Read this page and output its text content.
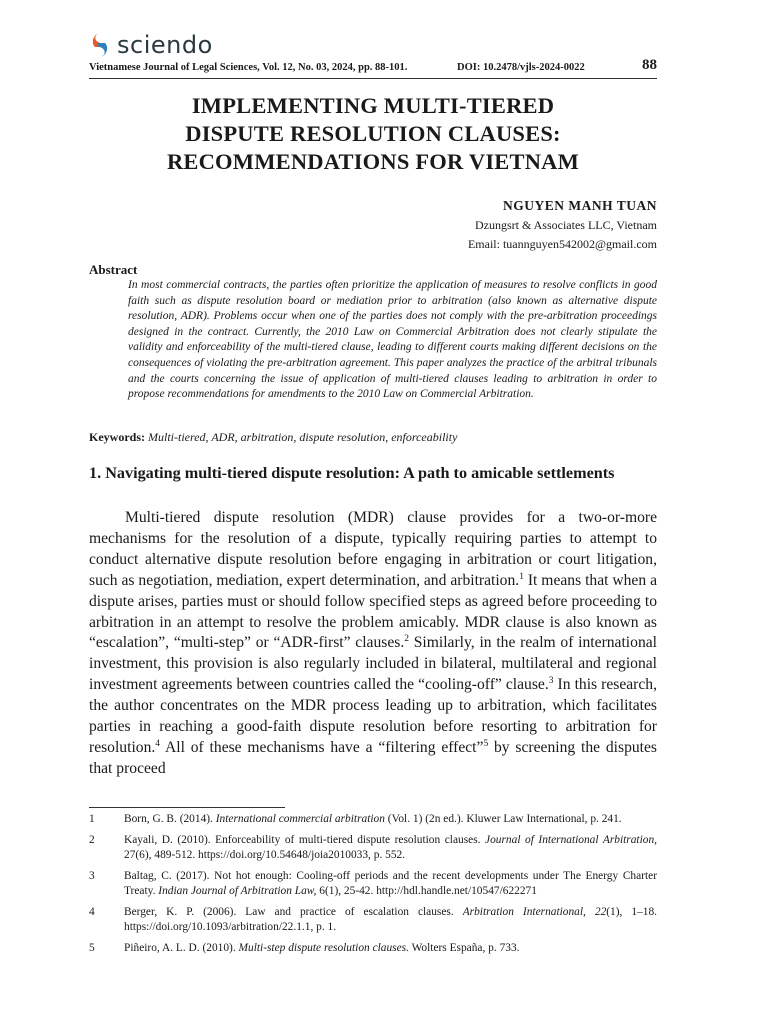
sciendo
Vietnamese Journal of Legal Sciences, Vol. 12, No. 03, 2024, pp. 88-101.	DOI: 10.2478/vjls-2024-0022	88
IMPLEMENTING MULTI-TIERED
DISPUTE RESOLUTION CLAUSES:
RECOMMENDATIONS FOR VIETNAM
NGUYEN MANH TUAN
Dzungsrt & Associates LLC, Vietnam
Email: tuannguyen542002@gmail.com
Abstract
In most commercial contracts, the parties often prioritize the application of measures to resolve conflicts in good faith such as dispute resolution board or mediation prior to arbitration (also known as alternative dispute resolution, ADR). Problems occur when one of the parties does not comply with the pre-arbitration proceedings designed in the contract. Currently, the 2010 Law on Commercial Arbitration does not clearly stipulate the validity and enforceability of the multi-tiered clause, leading to different courts making different decisions on the consequences of violating the pre-arbitration agreement. This paper analyzes the practice of the arbitral tribunals and the courts concerning the issue of application of multi-tiered clauses leading to arbitration in order to propose recommendations for amendments to the 2010 Law on Commercial Arbitration.
Keywords: Multi-tiered, ADR, arbitration, dispute resolution, enforceability
1. Navigating multi-tiered dispute resolution: A path to amicable settlements
Multi-tiered dispute resolution (MDR) clause provides for a two-or-more mechanisms for the resolution of a dispute, typically requiring parties to attempt to conduct alternative dispute resolution before engaging in arbitration or court litigation, such as negotiation, mediation, expert determination, and arbitration.$^1$ It means that when a dispute arises, parties must or should follow specified steps as agreed before proceeding to arbitration in an attempt to resolve the problem amicably. MDR clause is also known as “escalation”, “multi-step” or “ADR-first” clauses.$^2$ Similarly, in the realm of international investment, this provision is also regularly included in bilateral, multilateral and regional investment agreements between countries called the “cooling-off” clause.$^3$ In this research, the author concentrates on the MDR process leading up to arbitration, which facilitates parties in reaching a good-faith dispute resolution before resorting to arbitration for resolution.$^4$ All of these mechanisms have a “filtering effect”$^5$ by screening the disputes that proceed
1	Born, G. B. (2014). International commercial arbitration (Vol. 1) (2n ed.). Kluwer Law International, p. 241.
2	Kayali, D. (2010). Enforceability of multi-tiered dispute resolution clauses. Journal of International Arbitration, 27(6), 489-512. https://doi.org/10.54648/joia2010033, p. 552.
3	Baltag, C. (2017). Not hot enough: Cooling-off periods and the recent developments under The Energy Charter Treaty. Indian Journal of Arbitration Law, 6(1), 25-42. http://hdl.handle.net/10547/622271
4	Berger, K. P. (2006). Law and practice of escalation clauses. Arbitration International, 22(1), 1–18. https://doi.org/10.1093/arbitration/22.1.1, p. 1.
5	Piñeiro, A. L. D. (2010). Multi-step dispute resolution clauses. Wolters España, p. 733.
